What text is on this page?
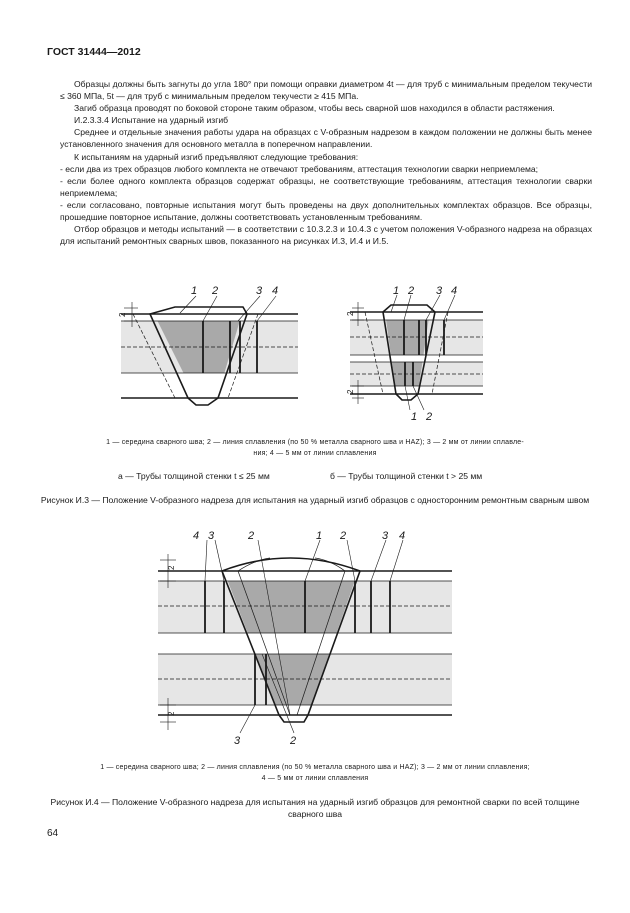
ГОСТ 31444—2012

Образцы должны быть загнуты до угла 180° при помощи оправки диаметром 4t — для труб с минимальным пределом текучести ≤ 360 МПа, 5t — для труб с минимальным пределом текучести ≥ 415 МПа.

Загиб образца проводят по боковой стороне таким образом, чтобы весь сварной шов находился в области растяжения.

И.2.3.3.4 Испытание на ударный изгиб

Среднее и отдельные значения работы удара на образцах с V-образным надрезом в каждом положении не должны быть менее установленного значения для основного металла в поперечном направлении.

К испытаниям на ударный изгиб предъявляют следующие требования:

- если два из трех образцов любого комплекта не отвечают требованиям, аттестация технологии сварки неприемлема;

- если более одного комплекта образцов содержат образцы, не соответствующие требованиям, аттестация технологии сварки неприемлема;

- если согласовано, повторные испытания могут быть проведены на двух дополнительных комплектах образцов. Все образцы, прошедшие повторное испытание, должны соответствовать установленным требованиям.

Отбор образцов и методы испытаний — в соответствии с 10.3.2.3 и 10.4.3 с учетом положения V-образного надреза на образцах для испытаний ремонтных сварных швов, показанного на рисунках И.3, И.4 и И.5.

1 2	3 4
2
1 2 3 4
1 2
2
2
4 3	2	1 2	3 4
3	2
2
2
1 — середина сварного шва; 2 — линия сплавления (по 50 % металла сварного шва и HAZ); 3 — 2 мм от линии сплавле-
ния; 4 — 5 мм от линии сплавления
а — Трубы толщиной стенки t ≤ 25 мм	б — Трубы толщиной стенки t > 25 мм
Рисунок И.3 — Положение V-образного надреза для испытания на ударный изгиб образцов с односторонним ремонтным сварным швом
1 — середина сварного шва; 2 — линия сплавления (по 50 % металла сварного шва и HAZ); 3 — 2 мм от линии сплавления;
4 — 5 мм от линии сплавления
Рисунок И.4 — Положение V-образного надреза для испытания на ударный изгиб образцов для ремонтной сварки по всей толщине сварного шва
64
